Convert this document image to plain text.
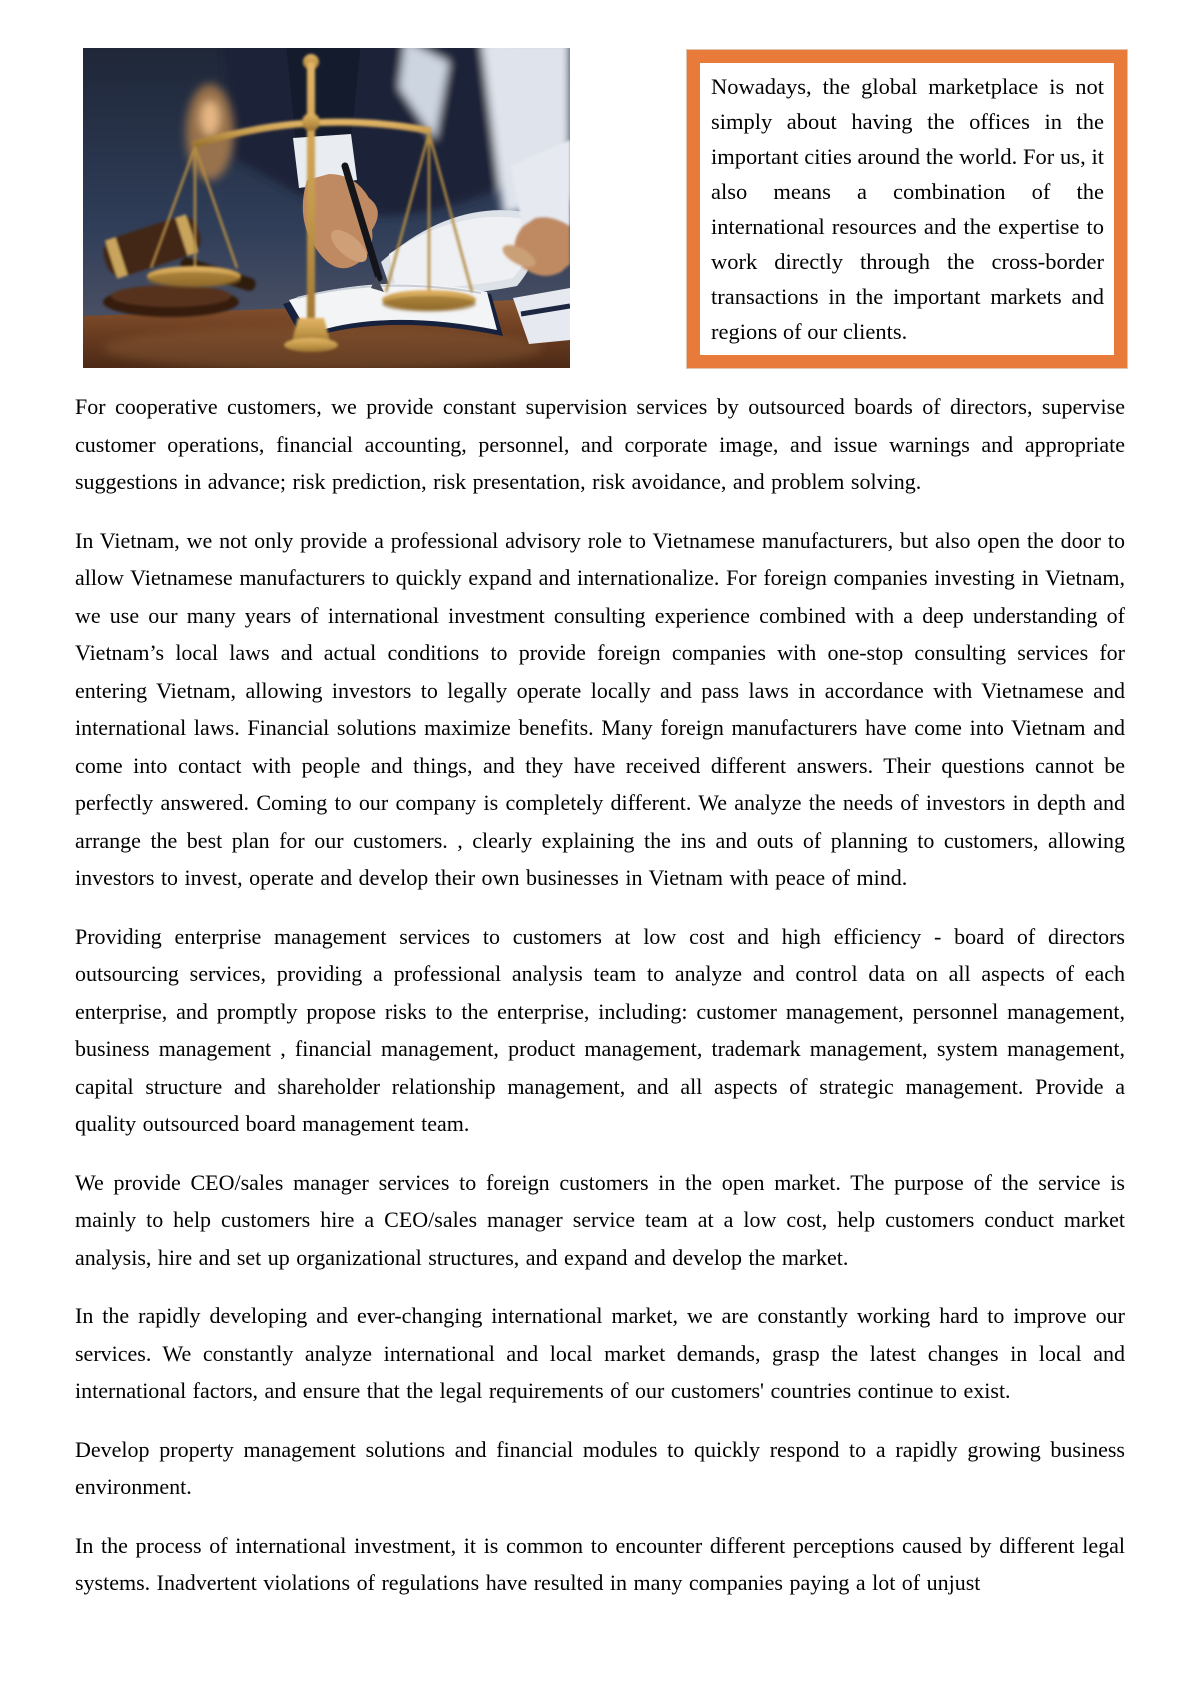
Nowadays, the global marketplace is not simply about having the offices in the important cities around the world. For us, it also means a combination of the international resources and the expertise to work directly through the cross-border transactions in the important markets and regions of our clients.

For cooperative customers, we provide constant supervision services by outsourced boards of directors, supervise customer operations, financial accounting, personnel, and corporate image, and issue warnings and appropriate suggestions in advance; risk prediction, risk presentation, risk avoidance, and problem solving.

In Vietnam, we not only provide a professional advisory role to Vietnamese manufacturers, but also open the door to allow Vietnamese manufacturers to quickly expand and internationalize. For foreign companies investing in Vietnam, we use our many years of international investment consulting experience combined with a deep understanding of Vietnam’s local laws and actual conditions to provide foreign companies with one-stop consulting services for entering Vietnam, allowing investors to legally operate locally and pass laws in accordance with Vietnamese and international laws. Financial solutions maximize benefits. Many foreign manufacturers have come into Vietnam and come into contact with people and things, and they have received different answers. Their questions cannot be perfectly answered. Coming to our company is completely different. We analyze the needs of investors in depth and arrange the best plan for our customers. , clearly explaining the ins and outs of planning to customers, allowing investors to invest, operate and develop their own businesses in Vietnam with peace of mind.

Providing enterprise management services to customers at low cost and high efficiency - board of directors outsourcing services, providing a professional analysis team to analyze and control data on all aspects of each enterprise, and promptly propose risks to the enterprise, including: customer management, personnel management, business management , financial management, product management, trademark management, system management, capital structure and shareholder relationship management, and all aspects of strategic management. Provide a quality outsourced board management team.

We provide CEO/sales manager services to foreign customers in the open market. The purpose of the service is mainly to help customers hire a CEO/sales manager service team at a low cost, help customers conduct market analysis, hire and set up organizational structures, and expand and develop the market.

In the rapidly developing and ever-changing international market, we are constantly working hard to improve our services. We constantly analyze international and local market demands, grasp the latest changes in local and international factors, and ensure that the legal requirements of our customers' countries continue to exist.

Develop property management solutions and financial modules to quickly respond to a rapidly growing business environment.

In the process of international investment, it is common to encounter different perceptions caused by different legal systems. Inadvertent violations of regulations have resulted in many companies paying a lot of unjust
